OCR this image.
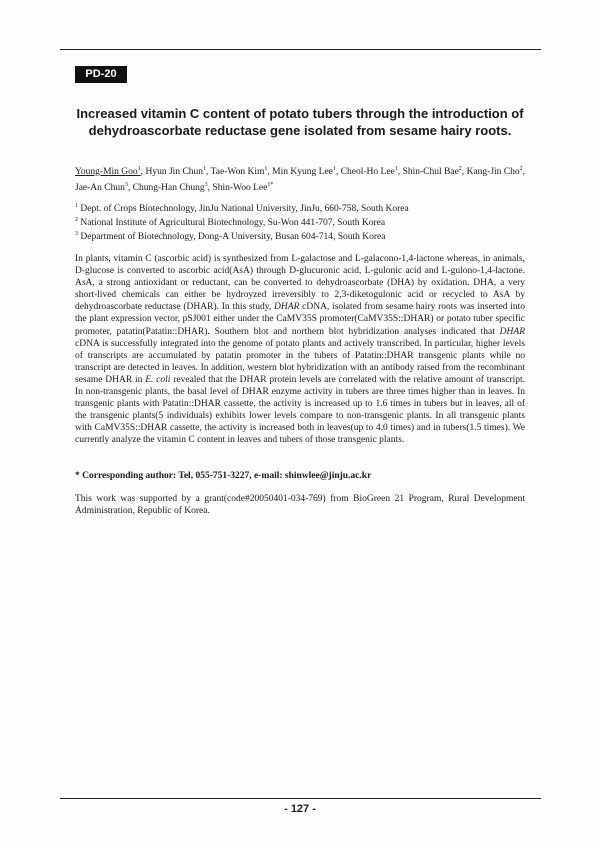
PD-20
Increased vitamin C content of potato tubers through the introduction of dehydroascorbate reductase gene isolated from sesame hairy roots.
Young-Min Goo$^1$, Hyun Jin Chun$^1$, Tae-Won Kim$^1$, Min Kyung Lee$^1$, Cheol-Ho Lee$^1$, Shin-Chul Bae$^2$, Kang-Jin Cho$^2$, Jae-An Chun$^3$, Chung-Han Chung$^3$, Shin-Woo Lee$^{1*}$

$^1$ Dept. of Crops Biotechnology, JinJu National University, JinJu, 660-758, South Korea

$^2$ National Institute of Agricultural Biotechnology, Su-Won 441-707, South Korea

$^3$ Department of Biotechnology, Dong-A University, Busan 604-714, South Korea

In plants, vitamin C (ascorbic acid) is synthesized from L-galactose and L-galacono-1,4-lactone whereas, in animals, D-glucose is converted to ascorbic acid(AsA) through D-glucuronic acid, L-gulonic acid and L-gulono-1,4-lactone. AsA, a strong antioxidant or reductant, can be converted to dehydroascorbate (DHA) by oxidation. DHA, a very short-lived chemicals can either be hydroyzed irreversibly to 2,3-diketogulonic acid or recycled to AsA by dehydroascorbate reductase (DHAR). In this study, DHAR cDNA, isolated from sesame hairy roots was inserted into the plant expression vector, pSJ001 either under the CaMV35S promoter(CaMV35S::DHAR) or potato tuber specific promoter, patatin(Patatin::DHAR). Southern blot and northern blot hybridization analyses indicated that DHAR cDNA is successfully integrated into the genome of potato plants and actively transcribed. In particular, higher levels of transcripts are accumulated by patatin promoter in the tubers of Patatin::DHAR transgenic plants while no transcript are detected in leaves. In addition, western blot hybridization with an antibody raised from the recombinant sesame DHAR in E. coli revealed that the DHAR protein levels are correlated with the relative amount of transcript. In non-transgenic plants, the basal level of DHAR enzyme activity in tubers are three times higher than in leaves. In transgenic plants with Patatin::DHAR cassette, the activity is increased up to 1.6 times in tubers but in leaves, all of the transgenic plants(5 individuals) exhibits lower levels compare to non-transgenic plants. In all transgenic plants with CaMV35S::DHAR cassette, the activity is increased both in leaves(up to 4.0 times) and in tubers(1.5 times). We currently analyze the vitamin C content in leaves and tubers of those transgenic plants.

* Corresponding author: Tel, 055-751-3227, e-mail: shinwlee@jinju.ac.kr

This work was supported by a grant(code#20050401-034-769) from BioGreen 21 Program, Rural Development Administration, Republic of Korea.

- 127 -
